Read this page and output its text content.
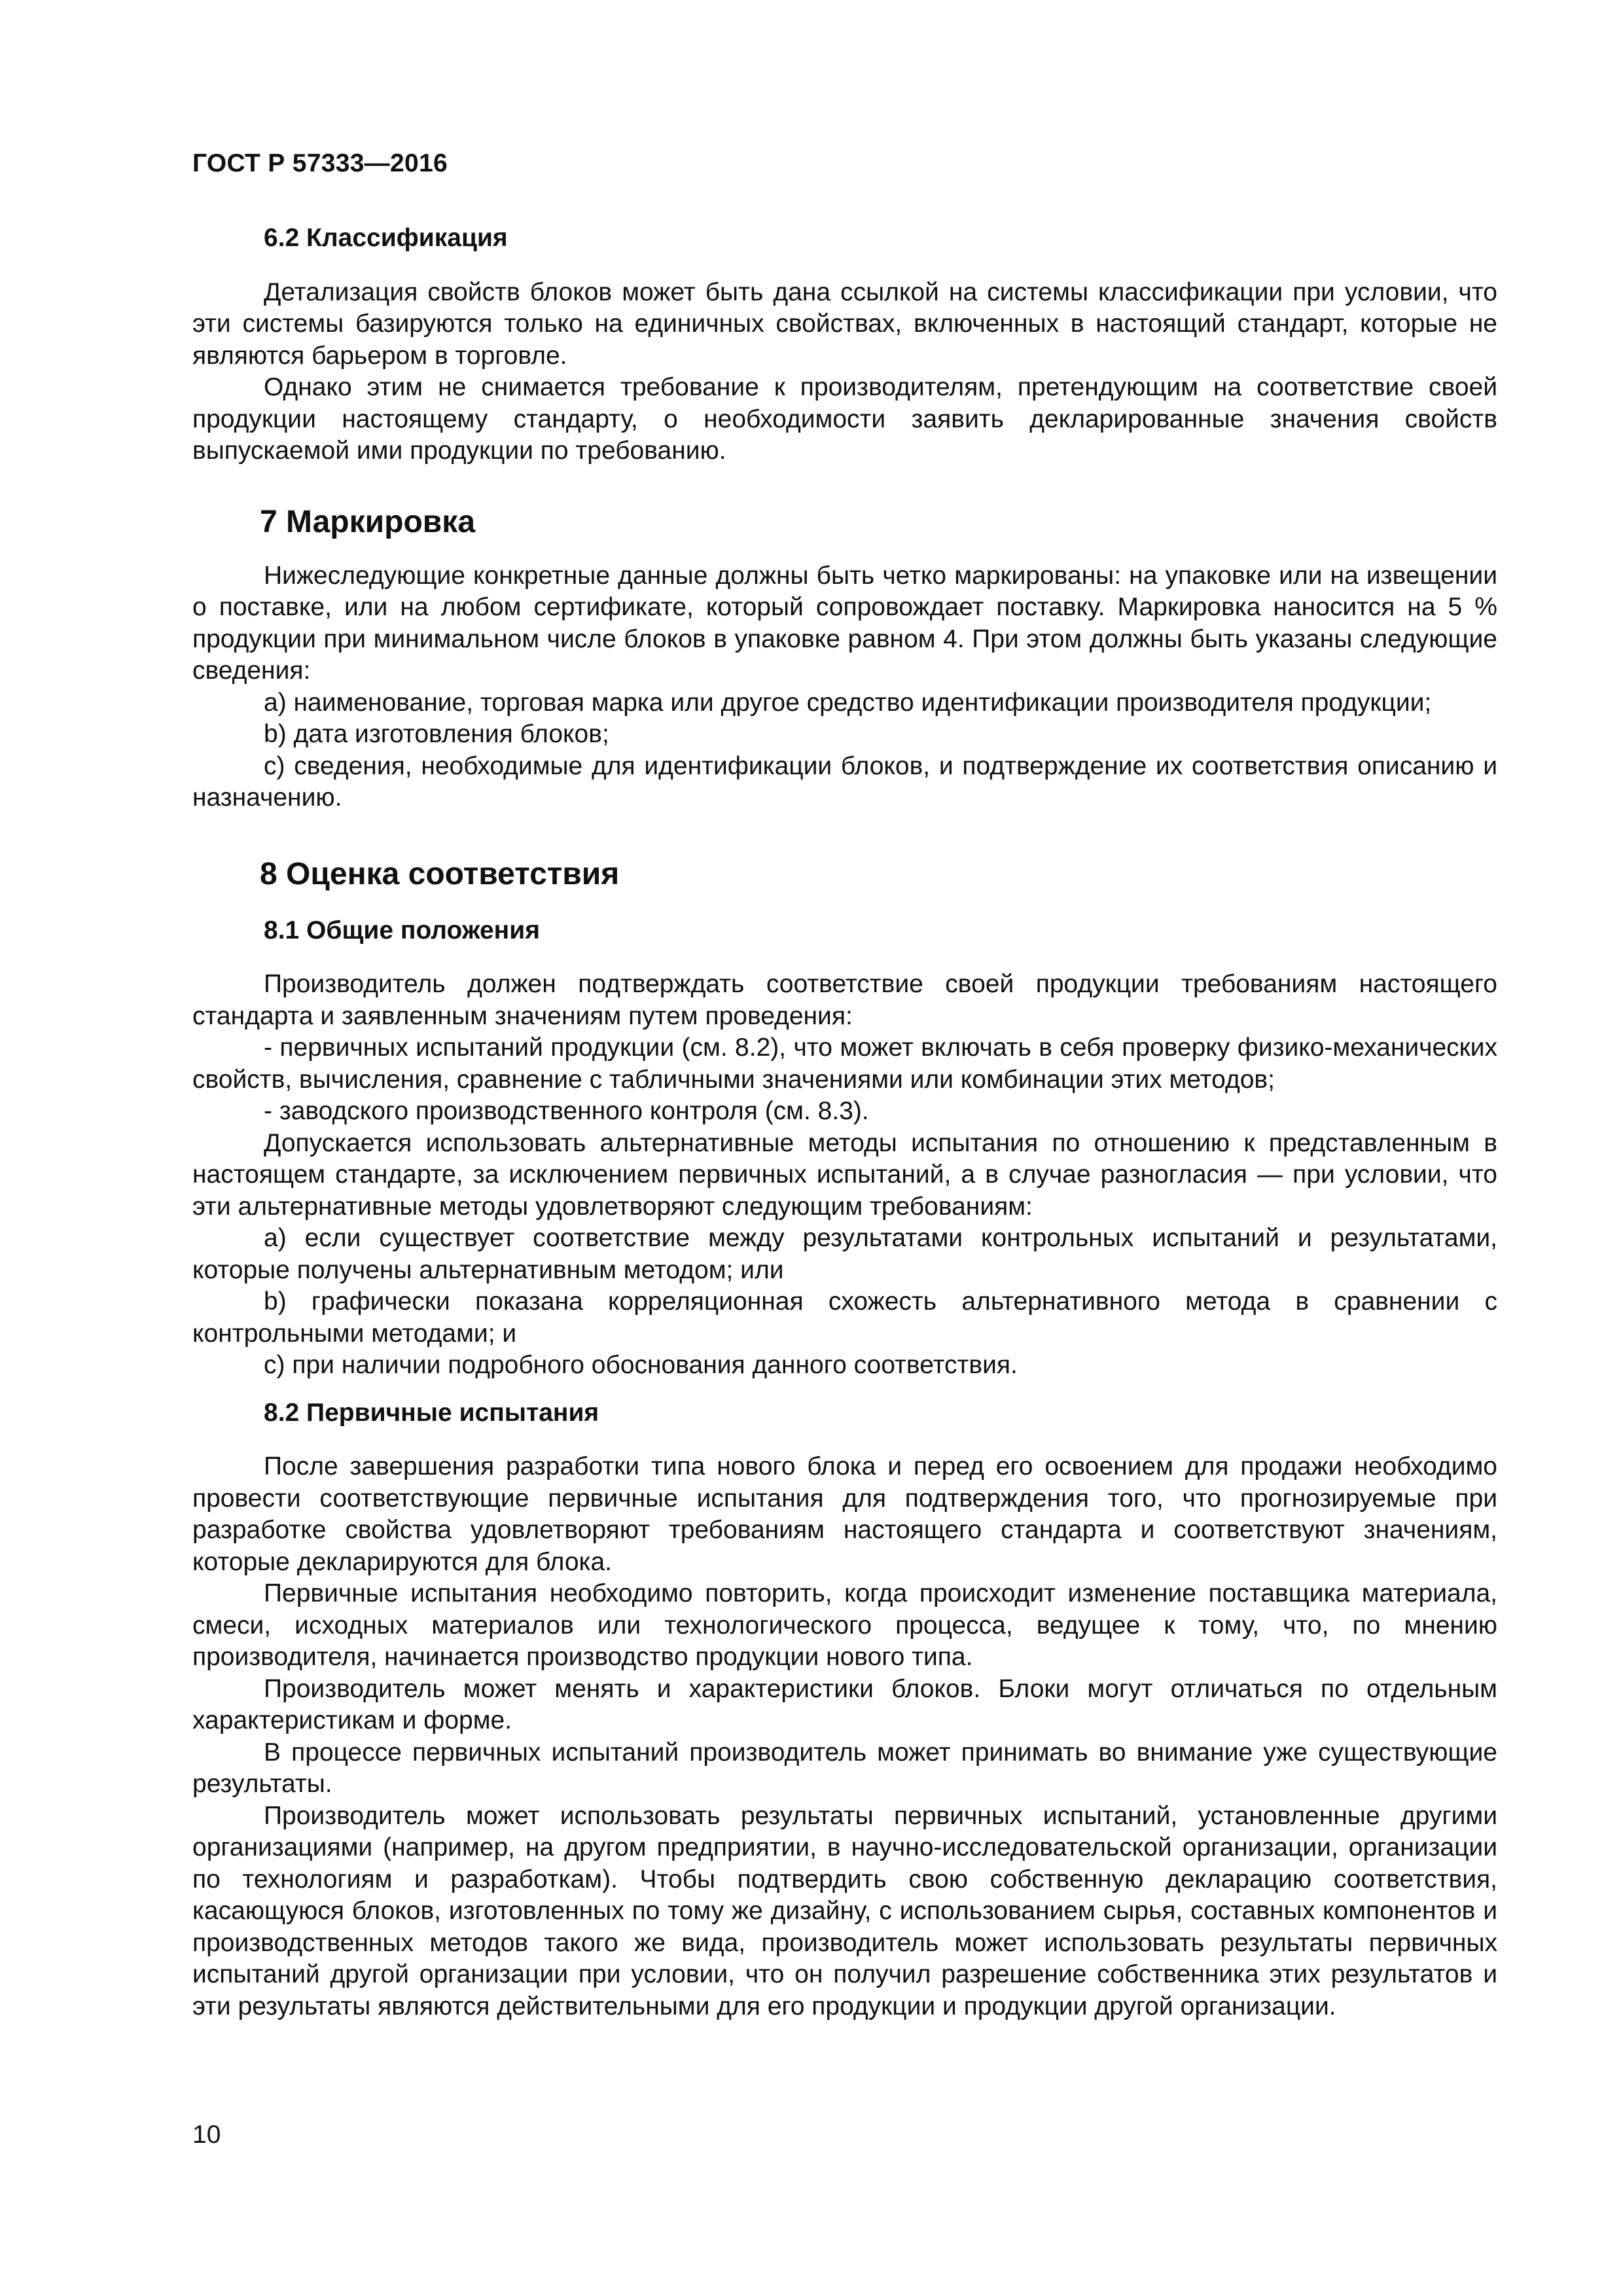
ГОСТ Р 57333—2016
6.2 Классификация

Детализация свойств блоков может быть дана ссылкой на системы классификации при условии, что эти системы базируются только на единичных свойствах, включенных в настоящий стандарт, которые не являются барьером в торговле.

Однако этим не снимается требование к производителям, претендующим на соответствие своей продукции настоящему стандарту, о необходимости заявить декларированные значения свойств выпускаемой ими продукции по требованию.

7 Маркировка

Нижеследующие конкретные данные должны быть четко маркированы: на упаковке или на извещении о поставке, или на любом сертификате, который сопровождает поставку. Маркировка наносится на 5 % продукции при минимальном числе блоков в упаковке равном 4. При этом должны быть указаны следующие сведения:

a) наименование, торговая марка или другое средство идентификации производителя продукции;

b) дата изготовления блоков;

c) сведения, необходимые для идентификации блоков, и подтверждение их соответствия описанию и назначению.

8 Оценка соответствия
8.1 Общие положения

Производитель должен подтверждать соответствие своей продукции требованиям настоящего стандарта и заявленным значениям путем проведения:

- первичных испытаний продукции (см. 8.2), что может включать в себя проверку физико-механических свойств, вычисления, сравнение с табличными значениями или комбинации этих методов;

- заводского производственного контроля (см. 8.3).

Допускается использовать альтернативные методы испытания по отношению к представленным в настоящем стандарте, за исключением первичных испытаний, а в случае разногласия — при условии, что эти альтернативные методы удовлетворяют следующим требованиям:

a) если существует соответствие между результатами контрольных испытаний и результатами, которые получены альтернативным методом; или

b) графически показана корреляционная схожесть альтернативного метода в сравнении с контрольными методами; и

c) при наличии подробного обоснования данного соответствия.

8.2 Первичные испытания

После завершения разработки типа нового блока и перед его освоением для продажи необходимо провести соответствующие первичные испытания для подтверждения того, что прогнозируемые при разработке свойства удовлетворяют требованиям настоящего стандарта и соответствуют значениям, которые декларируются для блока.

Первичные испытания необходимо повторить, когда происходит изменение поставщика материала, смеси, исходных материалов или технологического процесса, ведущее к тому, что, по мнению производителя, начинается производство продукции нового типа.

Производитель может менять и характеристики блоков. Блоки могут отличаться по отдельным характеристикам и форме.

В процессе первичных испытаний производитель может принимать во внимание уже существующие результаты.

Производитель может использовать результаты первичных испытаний, установленные другими организациями (например, на другом предприятии, в научно-исследовательской организации, организации по технологиям и разработкам). Чтобы подтвердить свою собственную декларацию соответствия, касающуюся блоков, изготовленных по тому же дизайну, с использованием сырья, составных компонентов и производственных методов такого же вида, производитель может использовать результаты первичных испытаний другой организации при условии, что он получил разрешение собственника этих результатов и эти результаты являются действительными для его продукции и продукции другой организации.

10
